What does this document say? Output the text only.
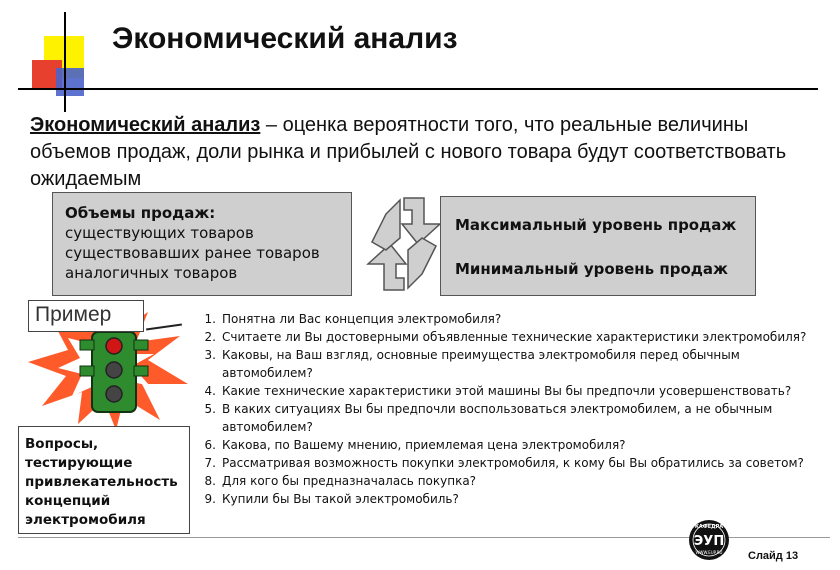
Экономический анализ
Экономический анализ – оценка вероятности того, что реальные величины объемов продаж, доли рынка и прибылей с нового товара будут соответствовать ожидаемым
Объемы продаж:
существующих товаров
существовавших ранее товаров
аналогичных товаров
Максимальный уровень продаж
Минимальный уровень продаж
Пример
Вопросы,
тестирующие
привлекательность
концепций
электромобиля
1. Понятна ли Вас концепция электромобиля?
2. Считаете ли Вы достоверными объявленные технические характеристики электромобиля?
3. Каковы, на Ваш взгляд, основные преимущества электромобиля перед обычным автомобилем?
4. Какие технические характеристики этой машины Вы бы предпочли усовершенствовать?
5. В каких ситуациях Вы бы предпочли воспользоваться электромобилем, а не обычным автомобилем?
6. Какова, по Вашему мнению, приемлемая цена электромобиля?
7. Рассматривая возможность покупки электромобиля, к кому бы Вы обратились за советом?
8. Для кого бы предназначалась покупка?
9. Купили бы Вы такой электромобиль?
КАФЕДРА
ЭУП
WWW.EUP.RU Слайд 13
